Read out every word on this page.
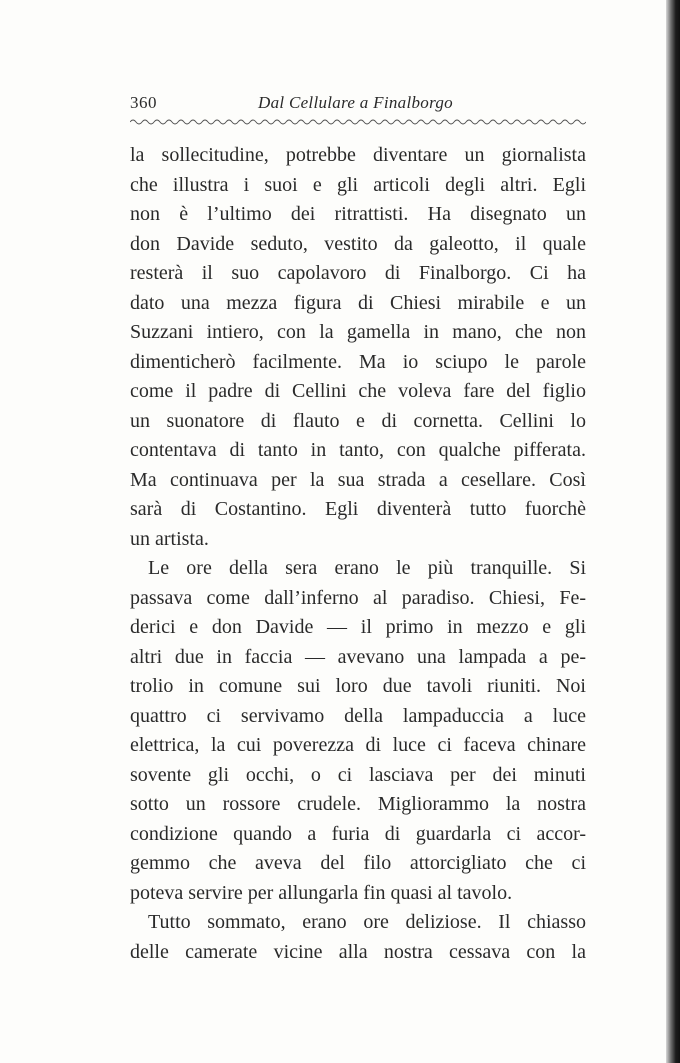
360	Dal Cellulare a Finalborgo
la sollecitudine, potrebbe diventare un giornalista
che illustra i suoi e gli articoli degli altri. Egli
non è l’ultimo dei ritrattisti. Ha disegnato un
don Davide seduto, vestito da galeotto, il quale
resterà il suo capolavoro di Finalborgo. Ci ha
dato una mezza figura di Chiesi mirabile e un
Suzzani intiero, con la gamella in mano, che non
dimenticherò facilmente. Ma io sciupo le parole
come il padre di Cellini che voleva fare del figlio
un suonatore di flauto e di cornetta. Cellini lo
contentava di tanto in tanto, con qualche pifferata.
Ma continuava per la sua strada a cesellare. Così
sarà di Costantino. Egli diventerà tutto fuorchè
un artista.
Le ore della sera erano le più tranquille. Si
passava come dall’inferno al paradiso. Chiesi, Fe-
derici e don Davide — il primo in mezzo e gli
altri due in faccia — avevano una lampada a pe-
trolio in comune sui loro due tavoli riuniti. Noi
quattro ci servivamo della lampaduccia a luce
elettrica, la cui poverezza di luce ci faceva chinare
sovente gli occhi, o ci lasciava per dei minuti
sotto un rossore crudele. Migliorammo la nostra
condizione quando a furia di guardarla ci accor-
gemmo che aveva del filo attorcigliato che ci
poteva servire per allungarla fin quasi al tavolo.
Tutto sommato, erano ore deliziose. Il chiasso
delle camerate vicine alla nostra cessava con la
